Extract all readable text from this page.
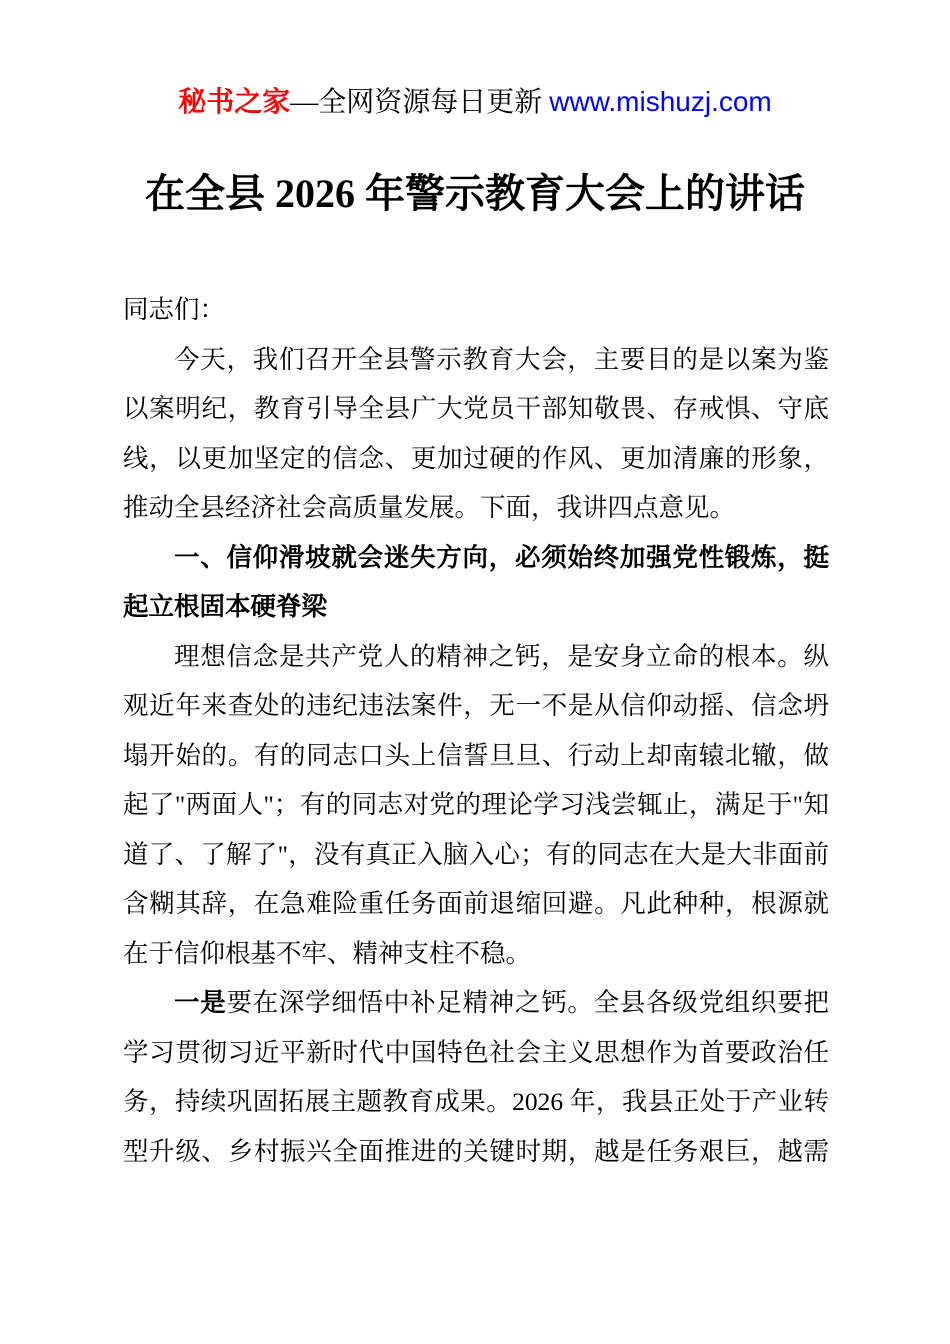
秘书之家—全网资源每日更新 www.mishuzj.com
在全县 2026 年警示教育大会上的讲话
同志们：
今天，我们召开全县警示教育大会，主要目的是以案为鉴
以案明纪，教育引导全县广大党员干部知敬畏、存戒惧、守底
线，以更加坚定的信念、更加过硬的作风、更加清廉的形象，
推动全县经济社会高质量发展。下面，我讲四点意见。
一、信仰滑坡就会迷失方向，必须始终加强党性锻炼，挺
起立根固本硬脊梁
理想信念是共产党人的精神之钙，是安身立命的根本。纵
观近年来查处的违纪违法案件，无一不是从信仰动摇、信念坍
塌开始的。有的同志口头上信誓旦旦、行动上却南辕北辙，做
起了"两面人"；有的同志对党的理论学习浅尝辄止，满足于"知
道了、了解了"，没有真正入脑入心；有的同志在大是大非面前
含糊其辞，在急难险重任务面前退缩回避。凡此种种，根源就
在于信仰根基不牢、精神支柱不稳。
一是要在深学细悟中补足精神之钙。全县各级党组织要把
学习贯彻习近平新时代中国特色社会主义思想作为首要政治任
务，持续巩固拓展主题教育成果。2026 年，我县正处于产业转
型升级、乡村振兴全面推进的关键时期，越是任务艰巨，越需
